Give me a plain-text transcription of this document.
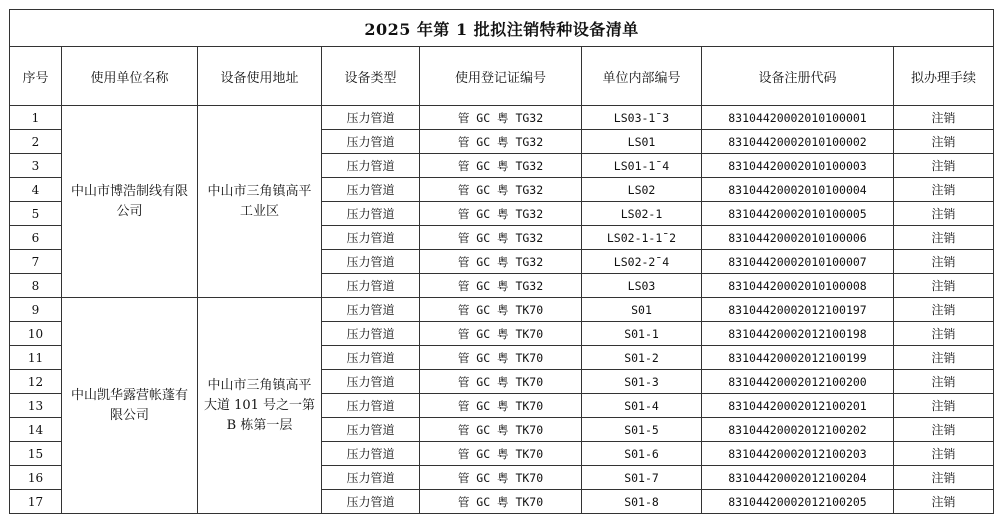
2025 年第 1 批拟注销特种设备清单							
序号	使用单位名称	设备使用地址	设备类型	使用登记证编号	单位内部编号	设备注册代码	拟办理手续
1	中山市博浩制线有限公司	中山市三角镇高平工业区	压力管道	管 GC 粤 TG32	LS03-1¯3	83104420002010100001	注销
2			压力管道	管 GC 粤 TG32	LS01	83104420002010100002	注销
3			压力管道	管 GC 粤 TG32	LS01-1¯4	83104420002010100003	注销
4			压力管道	管 GC 粤 TG32	LS02	83104420002010100004	注销
5			压力管道	管 GC 粤 TG32	LS02-1	83104420002010100005	注销
6			压力管道	管 GC 粤 TG32	LS02-1-1¯2	83104420002010100006	注销
7			压力管道	管 GC 粤 TG32	LS02-2¯4	83104420002010100007	注销
8			压力管道	管 GC 粤 TG32	LS03	83104420002010100008	注销
9	中山凯华露营帐蓬有限公司	中山市三角镇高平大道 101 号之一第 B 栋第一层	压力管道	管 GC 粤 TK70	S01	83104420002012100197	注销
10			压力管道	管 GC 粤 TK70	S01-1	83104420002012100198	注销
11			压力管道	管 GC 粤 TK70	S01-2	83104420002012100199	注销
12			压力管道	管 GC 粤 TK70	S01-3	83104420002012100200	注销
13			压力管道	管 GC 粤 TK70	S01-4	83104420002012100201	注销
14			压力管道	管 GC 粤 TK70	S01-5	83104420002012100202	注销
15			压力管道	管 GC 粤 TK70	S01-6	83104420002012100203	注销
16			压力管道	管 GC 粤 TK70	S01-7	83104420002012100204	注销
17			压力管道	管 GC 粤 TK70	S01-8	83104420002012100205	注销
